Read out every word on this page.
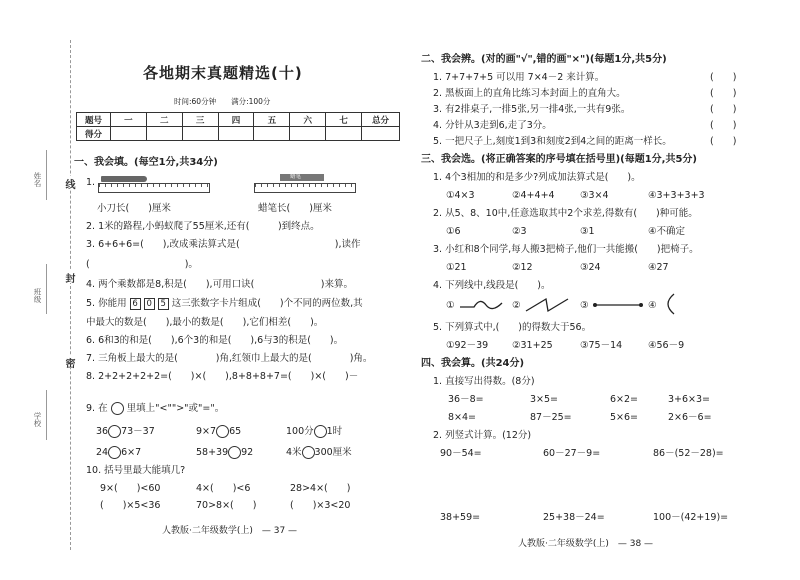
姓名
班级
学校
线
封
密
各地期末真题精选(十)
时间:60分钟　　满分:100分
题号	一	二	三	四	五	六	七	总分
得分								
一、我会填。(每空1分,共34分)
1.	蜡笔
小刀长(　　)厘米	蜡笔长(　　)厘米
2. 1米的路程,小蚂蚁爬了55厘米,还有(　　　)到终点。
3. 6+6+6=(　　),改成乘法算式是(　　　　　　　　　　),读作
(　　　　　　　　　　)。
4. 两个乘数都是8,积是(　　),可用口诀(　　　　　　　)来算。
5. 你能用 6 0 5 这三张数字卡片组成(　　)个不同的两位数,其
中最大的数是(　　),最小的数是(　　),它们相差(　　)。
6. 6和3的和是(　　),6个3的和是(　　),6与3的积是(　　)。
7. 三角板上最大的是(　　　　)角,红领巾上最大的是(　　　　)角。
8. 2+2+2+2+2=(　　)×(　　),8+8+8+7=(　　)×(　　)－
9. 在 里填上"<"">"或"="。
36 73－37	9×7 65	100分 1时
24 6×7	58+39 92	4米 300厘米
10. 括号里最大能填几?
9×(　　)<60	4×(　　)<6	28>4×(　　)
(　　)×5<36	70>8×(　　)	(　　)×3<20
人教版·二年级数学(上)　— 37 —
二、我会辨。(对的画"√",错的画"×")(每题1分,共5分)
1. 7+7+7+5 可以用 7×4－2 来计算。	(　　)
2. 黑板面上的直角比练习本封面上的直角大。	(　　)
3. 有2排桌子,一排5张,另一排4张,一共有9张。	(　　)
4. 分针从3走到6,走了3分。	(　　)
5. 一把尺子上,刻度1到3和刻度2到4之间的距离一样长。	(　　)
三、我会选。(将正确答案的序号填在括号里)(每题1分,共5分)
1. 4个3相加的和是多少?列成加法算式是(　　)。
①4×3	②4+4+4	③3×4	④3+3+3+3
2. 从5、8、10中,任意选取其中2个求差,得数有(　　)种可能。
①6	②3	③1	④不确定
3. 小红和8个同学,每人搬3把椅子,他们一共能搬(　　)把椅子。
①21	②12	③24	④27
4. 下列线中,线段是(　　)。
①	②	③	④
5. 下列算式中,(　　)的得数大于56。
①92－39	②31+25	③75－14	④56－9
四、我会算。(共24分)
1. 直接写出得数。(8分)
36－8=	3×5=	6×2=	3+6×3=
8×4=	87－25=	5×6=	2×6－6=
2. 列竖式计算。(12分)
90－54=	60－27－9=	86－(52－28)=
38+59=	25+38－24=	100－(42+19)=
人教版·二年级数学(上)　— 38 —
